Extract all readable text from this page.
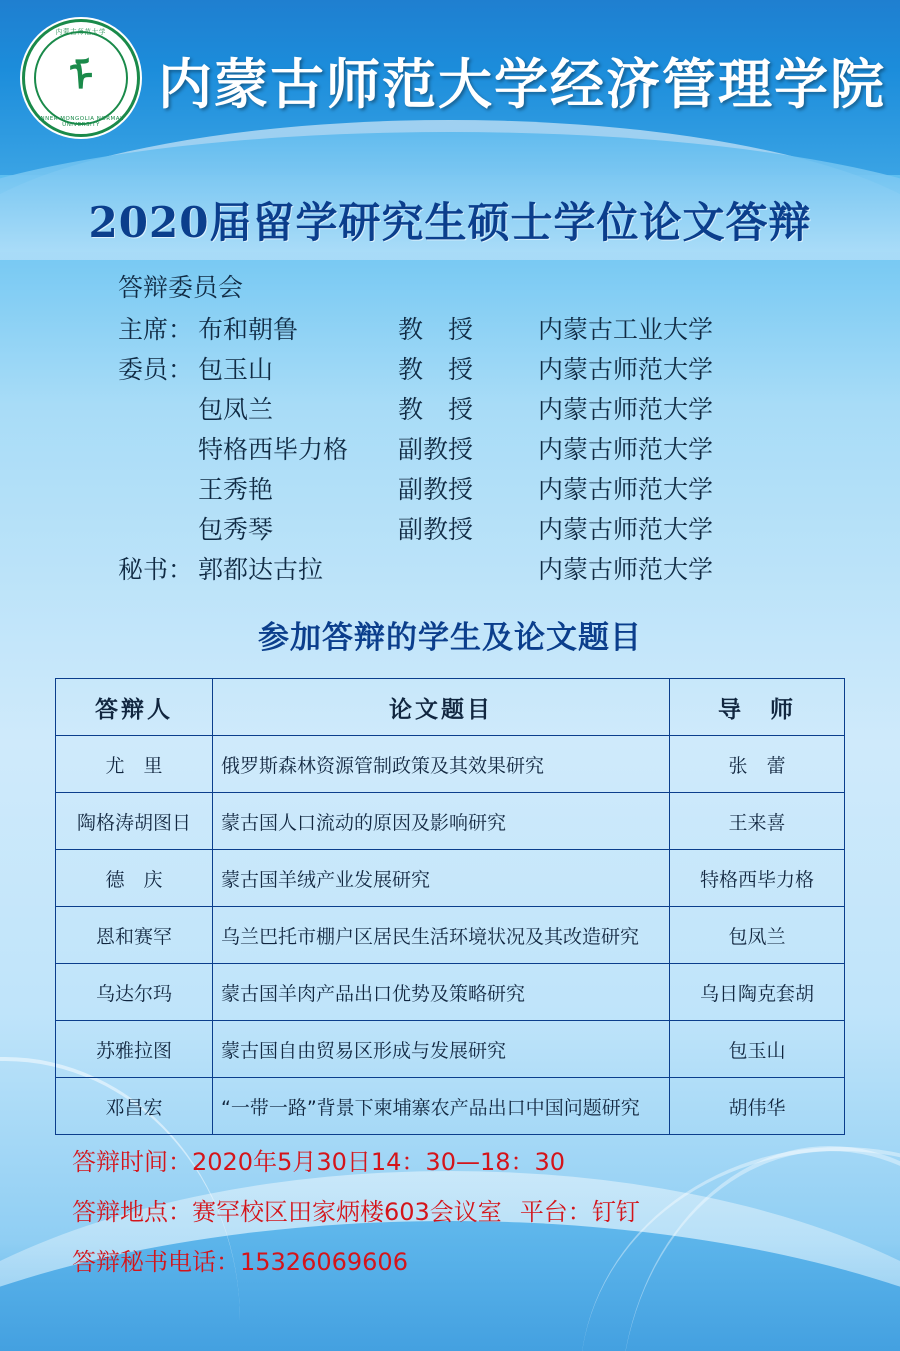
内蒙古师范大学
ᠮ
INNER MONGOLIA NORMAL UNIVERSITY
内蒙古师范大学经济管理学院
2020届留学研究生硕士学位论文答辩
答辩委员会
主席： 布和朝鲁	教　授	内蒙古工业大学
委员： 包玉山	教　授	内蒙古师范大学
包凤兰	教　授	内蒙古师范大学
特格西毕力格	副教授	内蒙古师范大学
王秀艳	副教授	内蒙古师范大学
包秀琴	副教授	内蒙古师范大学
秘书： 郭都达古拉	内蒙古师范大学
参加答辩的学生及论文题目
答辩人	论文题目	导　师
尤　里	俄罗斯森林资源管制政策及其效果研究	张　蕾
陶格涛胡图日	蒙古国人口流动的原因及影响研究	王来喜
德　庆	蒙古国羊绒产业发展研究	特格西毕力格
恩和赛罕	乌兰巴托市棚户区居民生活环境状况及其改造研究	包凤兰
乌达尔玛	蒙古国羊肉产品出口优势及策略研究	乌日陶克套胡
苏雅拉图	蒙古国自由贸易区形成与发展研究	包玉山
邓昌宏	“一带一路”背景下柬埔寨农产品出口中国问题研究	胡伟华
答辩时间：2020年5月30日14：30—18：30
答辩地点：赛罕校区田家炳楼603会议室 平台：钉钉
答辩秘书电话：15326069606
